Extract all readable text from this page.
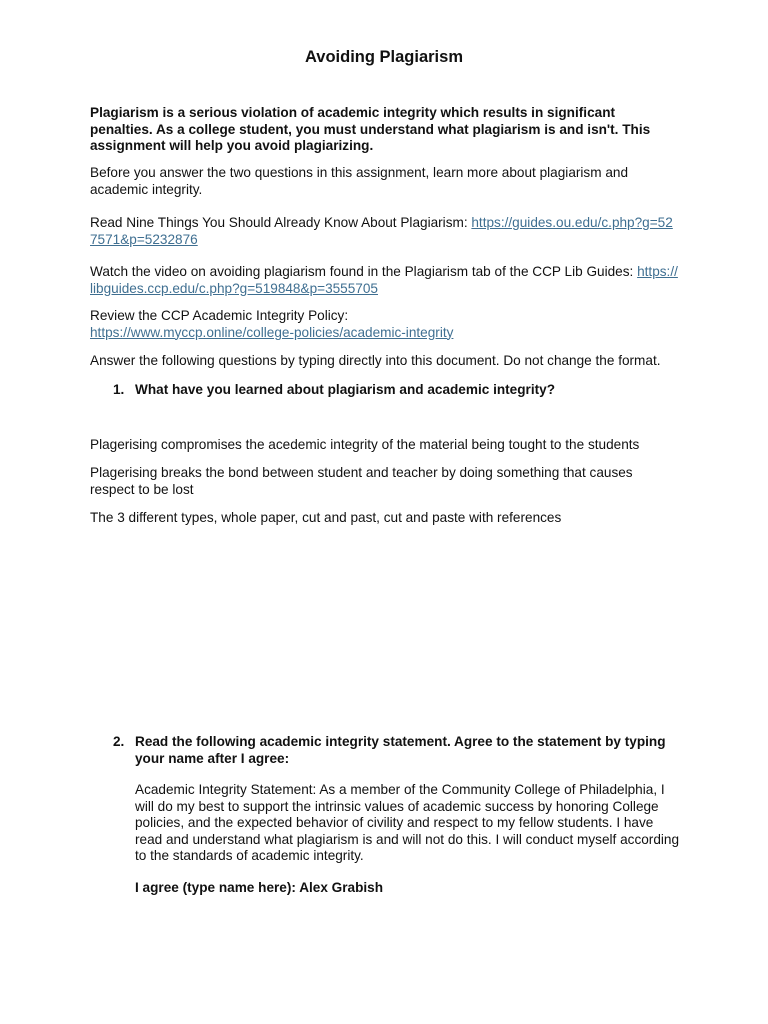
Avoiding Plagiarism

Plagiarism is a serious violation of academic integrity which results in significant penalties. As a college student, you must understand what plagiarism is and isn't. This assignment will help you avoid plagiarizing.

Before you answer the two questions in this assignment, learn more about plagiarism and academic integrity.

Read Nine Things You Should Already Know About Plagiarism: https://guides.ou.edu/c.php?g=527571&p=5232876

Watch the video on avoiding plagiarism found in the Plagiarism tab of the CCP Lib Guides: https://libguides.ccp.edu/c.php?g=519848&p=3555705

Review the CCP Academic Integrity Policy:
https://www.myccp.online/college-policies/academic-integrity

Answer the following questions by typing directly into this document. Do not change the format.

1. What have you learned about plagiarism and academic integrity?

Plagerising compromises the acedemic integrity of the material being tought to the students

Plagerising breaks the bond between student and teacher by doing something that causes respect to be lost

The 3 different types, whole paper, cut and past, cut and paste with references

2. Read the following academic integrity statement. Agree to the statement by typing your name after I agree:

Academic Integrity Statement: As a member of the Community College of Philadelphia, I will do my best to support the intrinsic values of academic success by honoring College policies, and the expected behavior of civility and respect to my fellow students. I have read and understand what plagiarism is and will not do this. I will conduct myself according to the standards of academic integrity.

I agree (type name here): Alex Grabish
